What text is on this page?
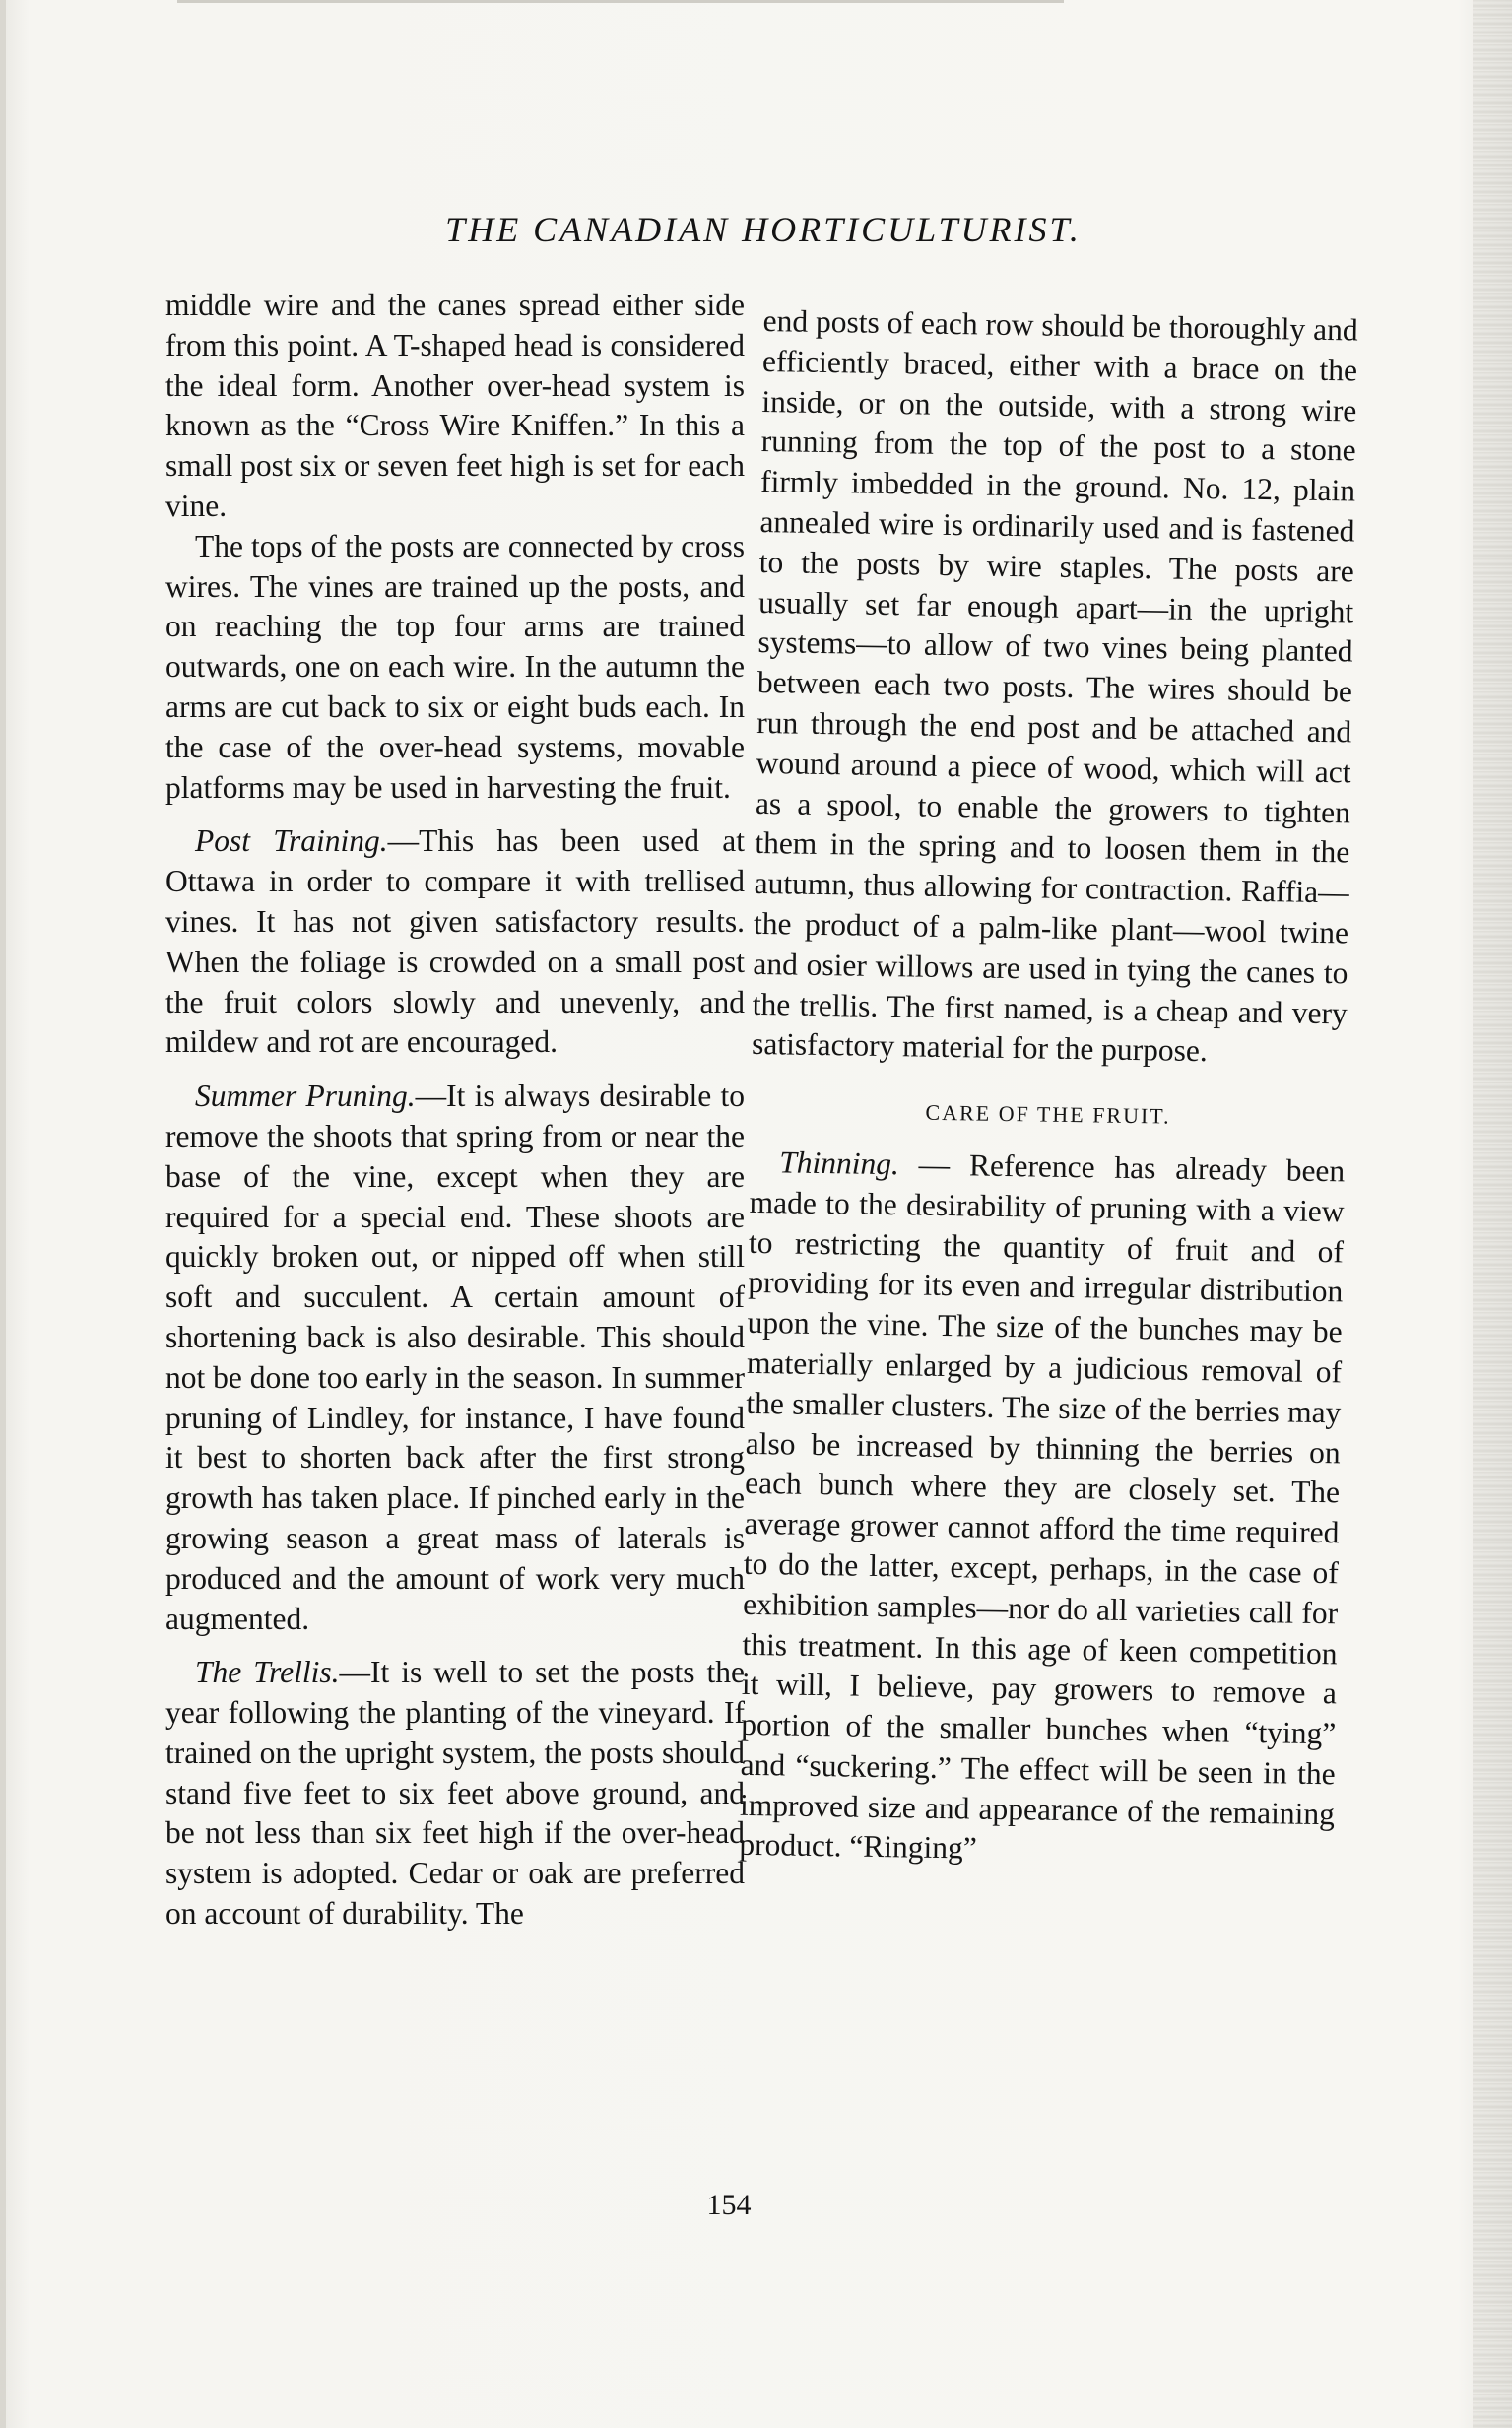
THE CANADIAN HORTICULTURIST.

middle wire and the canes spread either side from this point. A T-shaped head is considered the ideal form. Another over-head system is known as the “Cross Wire Kniffen.” In this a small post six or seven feet high is set for each vine.

The tops of the posts are connected by cross wires. The vines are trained up the posts, and on reaching the top four arms are trained outwards, one on each wire. In the autumn the arms are cut back to six or eight buds each. In the case of the over-head systems, movable platforms may be used in harvesting the fruit.

Post Training.—This has been used at Ottawa in order to compare it with trellised vines. It has not given satisfactory results. When the foliage is crowded on a small post the fruit colors slowly and unevenly, and mildew and rot are encouraged.

Summer Pruning.—It is always desirable to remove the shoots that spring from or near the base of the vine, except when they are required for a special end. These shoots are quickly broken out, or nipped off when still soft and succulent. A certain amount of shortening back is also desirable. This should not be done too early in the season. In summer pruning of Lindley, for instance, I have found it best to shorten back after the first strong growth has taken place. If pinched early in the growing season a great mass of laterals is produced and the amount of work very much augmented.

The Trellis.—It is well to set the posts the year following the planting of the vineyard. If trained on the upright system, the posts should stand five feet to six feet above ground, and be not less than six feet high if the over-head system is adopted. Cedar or oak are preferred on account of durability. The

end posts of each row should be thoroughly and efficiently braced, either with a brace on the inside, or on the outside, with a strong wire running from the top of the post to a stone firmly imbedded in the ground. No. 12, plain annealed wire is ordinarily used and is fastened to the posts by wire staples. The posts are usually set far enough apart—in the upright systems—to allow of two vines being planted between each two posts. The wires should be run through the end post and be attached and wound around a piece of wood, which will act as a spool, to enable the growers to tighten them in the spring and to loosen them in the autumn, thus allowing for contraction. Raffia—the product of a palm-like plant—wool twine and osier willows are used in tying the canes to the trellis. The first named, is a cheap and very satisfactory material for the purpose.

CARE OF THE FRUIT.

Thinning. — Reference has already been made to the desirability of pruning with a view to restricting the quantity of fruit and of providing for its even and irregular distribution upon the vine. The size of the bunches may be materially enlarged by a judicious removal of the smaller clusters. The size of the berries may also be increased by thinning the berries on each bunch where they are closely set. The average grower cannot afford the time required to do the latter, except, perhaps, in the case of exhibition samples—nor do all varieties call for this treatment. In this age of keen competition it will, I believe, pay growers to remove a portion of the smaller bunches when “tying” and “suckering.” The effect will be seen in the improved size and appearance of the remaining product. “Ringing”

154
